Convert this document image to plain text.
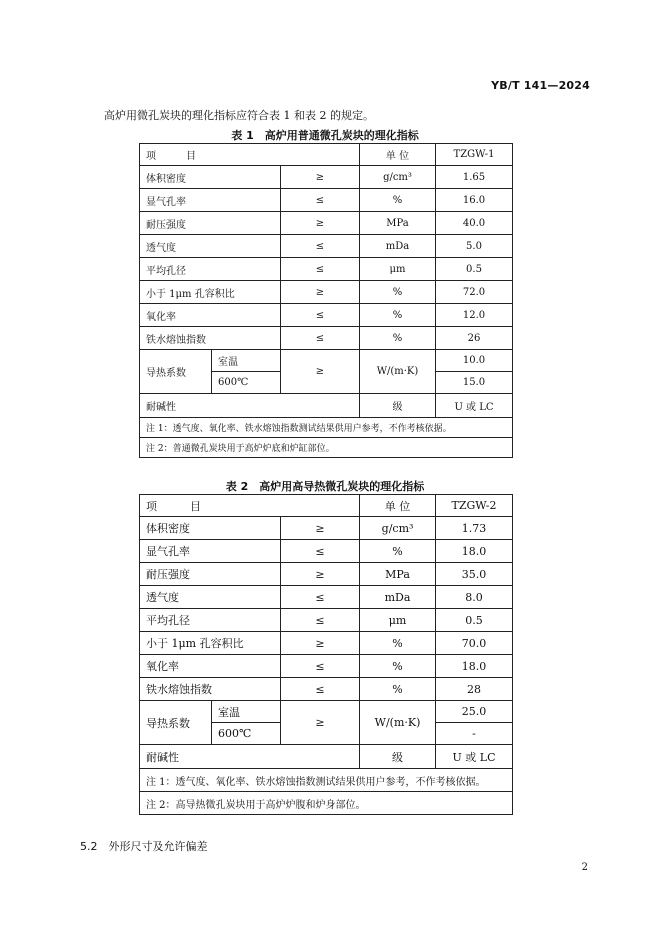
YB/T 141—2024
高炉用微孔炭块的理化指标应符合表 1 和表 2 的规定。
表 1　高炉用普通微孔炭块的理化指标
项　　　目			单 位	TZGW-1
体积密度		≥	g/cm³	1.65
显气孔率		≤	%	16.0
耐压强度		≥	MPa	40.0
透气度		≤	mDa	5.0
平均孔径		≤	μm	0.5
小于 1μm 孔容积比		≥	%	72.0
氧化率		≤	%	12.0
铁水熔蚀指数		≤	%	26
导热系数	室温	≥	W/(m·K)	10.0
	600℃			15.0
耐碱性			级	U 或 LC
注 1：透气度、氧化率、铁水熔蚀指数测试结果供用户参考，不作考核依据。				
注 2：普通微孔炭块用于高炉炉底和炉缸部位。				
表 2　高炉用高导热微孔炭块的理化指标
项　　　目			单 位	TZGW-2
体积密度		≥	g/cm³	1.73
显气孔率		≤	%	18.0
耐压强度		≥	MPa	35.0
透气度		≤	mDa	8.0
平均孔径		≤	μm	0.5
小于 1μm 孔容积比		≥	%	70.0
氧化率		≤	%	18.0
铁水熔蚀指数		≤	%	28
导热系数	室温	≥	W/(m·K)	25.0
	600℃			-
耐碱性			级	U 或 LC
注 1：透气度、氧化率、铁水熔蚀指数测试结果供用户参考，不作考核依据。				
注 2：高导热微孔炭块用于高炉炉腹和炉身部位。				
5.2　外形尺寸及允许偏差
2
